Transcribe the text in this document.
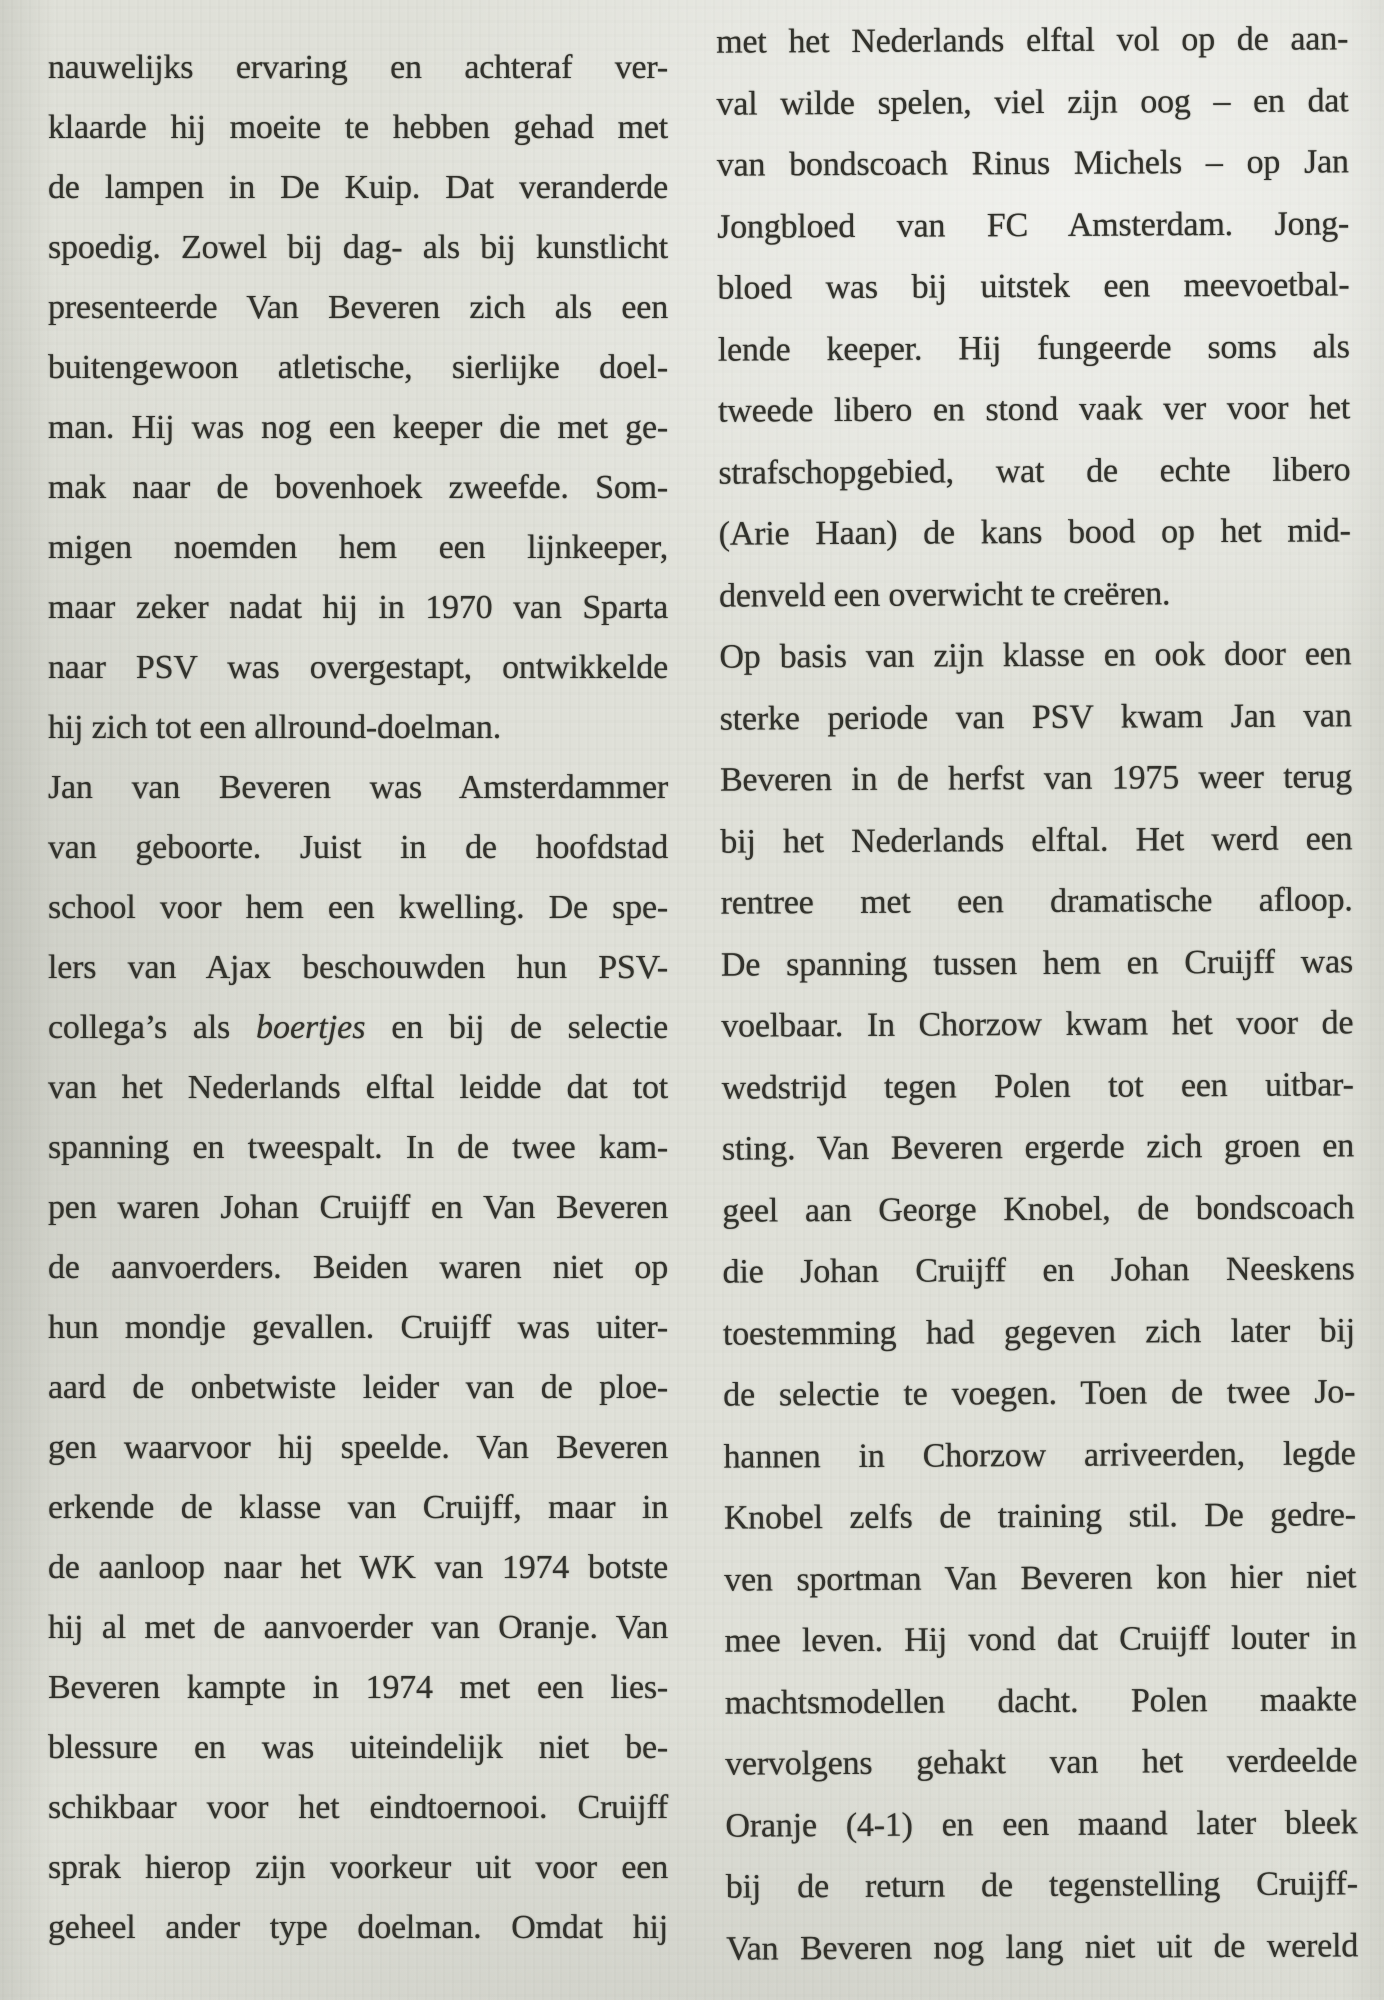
nauwelijks ervaring en achteraf ver-
klaarde hij moeite te hebben gehad met
de lampen in De Kuip. Dat veranderde
spoedig. Zowel bij dag- als bij kunstlicht
presenteerde Van Beveren zich als een
buitengewoon atletische, sierlijke doel-
man. Hij was nog een keeper die met ge-
mak naar de bovenhoek zweefde. Som-
migen noemden hem een lijnkeeper,
maar zeker nadat hij in 1970 van Sparta
naar PSV was overgestapt, ontwikkelde
hij zich tot een allround-doelman.
Jan van Beveren was Amsterdammer
van geboorte. Juist in de hoofdstad
school voor hem een kwelling. De spe-
lers van Ajax beschouwden hun PSV-
collega’s als boertjes en bij de selectie
van het Nederlands elftal leidde dat tot
spanning en tweespalt. In de twee kam-
pen waren Johan Cruijff en Van Beveren
de aanvoerders. Beiden waren niet op
hun mondje gevallen. Cruijff was uiter-
aard de onbetwiste leider van de ploe-
gen waarvoor hij speelde. Van Beveren
erkende de klasse van Cruijff, maar in
de aanloop naar het WK van 1974 botste
hij al met de aanvoerder van Oranje. Van
Beveren kampte in 1974 met een lies-
blessure en was uiteindelijk niet be-
schikbaar voor het eindtoernooi. Cruijff
sprak hierop zijn voorkeur uit voor een
geheel ander type doelman. Omdat hij
met het Nederlands elftal vol op de aan-
val wilde spelen, viel zijn oog – en dat
van bondscoach Rinus Michels – op Jan
Jongbloed van FC Amsterdam. Jong-
bloed was bij uitstek een meevoetbal-
lende keeper. Hij fungeerde soms als
tweede libero en stond vaak ver voor het
strafschopgebied, wat de echte libero
(Arie Haan) de kans bood op het mid-
denveld een overwicht te creëren.
Op basis van zijn klasse en ook door een
sterke periode van PSV kwam Jan van
Beveren in de herfst van 1975 weer terug
bij het Nederlands elftal. Het werd een
rentree met een dramatische afloop.
De spanning tussen hem en Cruijff was
voelbaar. In Chorzow kwam het voor de
wedstrijd tegen Polen tot een uitbar-
sting. Van Beveren ergerde zich groen en
geel aan George Knobel, de bondscoach
die Johan Cruijff en Johan Neeskens
toestemming had gegeven zich later bij
de selectie te voegen. Toen de twee Jo-
hannen in Chorzow arriveerden, legde
Knobel zelfs de training stil. De gedre-
ven sportman Van Beveren kon hier niet
mee leven. Hij vond dat Cruijff louter in
machtsmodellen dacht. Polen maakte
vervolgens gehakt van het verdeelde
Oranje (4-1) en een maand later bleek
bij de return de tegenstelling Cruijff-
Van Beveren nog lang niet uit de wereld
